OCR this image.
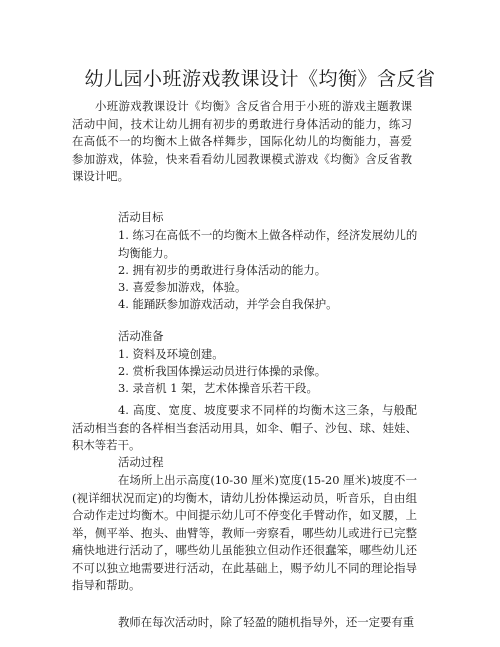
幼儿园小班游戏教课设计《均衡》含反省
小班游戏教课设计《均衡》含反省合用于小班的游戏主题教课活动中间，技术让幼儿拥有初步的勇敢进行身体活动的能力，练习在高低不一的均衡木上做各样舞步，国际化幼儿的均衡能力，喜爱参加游戏，体验，快来看看幼儿园教课模式游戏《均衡》含反省教课设计吧。
活动目标
1. 练习在高低不一的均衡木上做各样动作，经济发展幼儿的均衡能力。
2. 拥有初步的勇敢进行身体活动的能力。
3. 喜爱参加游戏，体验。
4. 能踊跃参加游戏活动，并学会自我保护。
活动准备
1. 资料及环境创建。
2. 赏析我国体操运动员进行体操的录像。
3. 录音机 1 架，艺术体操音乐若干段。
4. 高度、宽度、坡度要求不同样的均衡木这三条，与般配活动相当套的各样相当套活动用具，如伞、帽子、沙包、球、娃娃、积木等若干。
活动过程
在场所上出示高度(10-30 厘米)宽度(15-20 厘米)坡度不一(视详细状况而定)的均衡木，请幼儿扮体操运动员，听音乐，自由组合动作走过均衡木。中间提示幼儿可不停变化手臂动作，如叉腰，上举，侧平举、抱头、曲臂等，教师一旁察看，哪些幼儿或进行已完整痛快地进行活动了，哪些幼儿虽能独立但动作还很蠢笨，哪些幼儿还不可以独立地需要进行活动，在此基础上，赐予幼儿不同的理论指导指导和帮助。
教师在每次活动时，除了轻盈的随机指导外，还一定要有重
